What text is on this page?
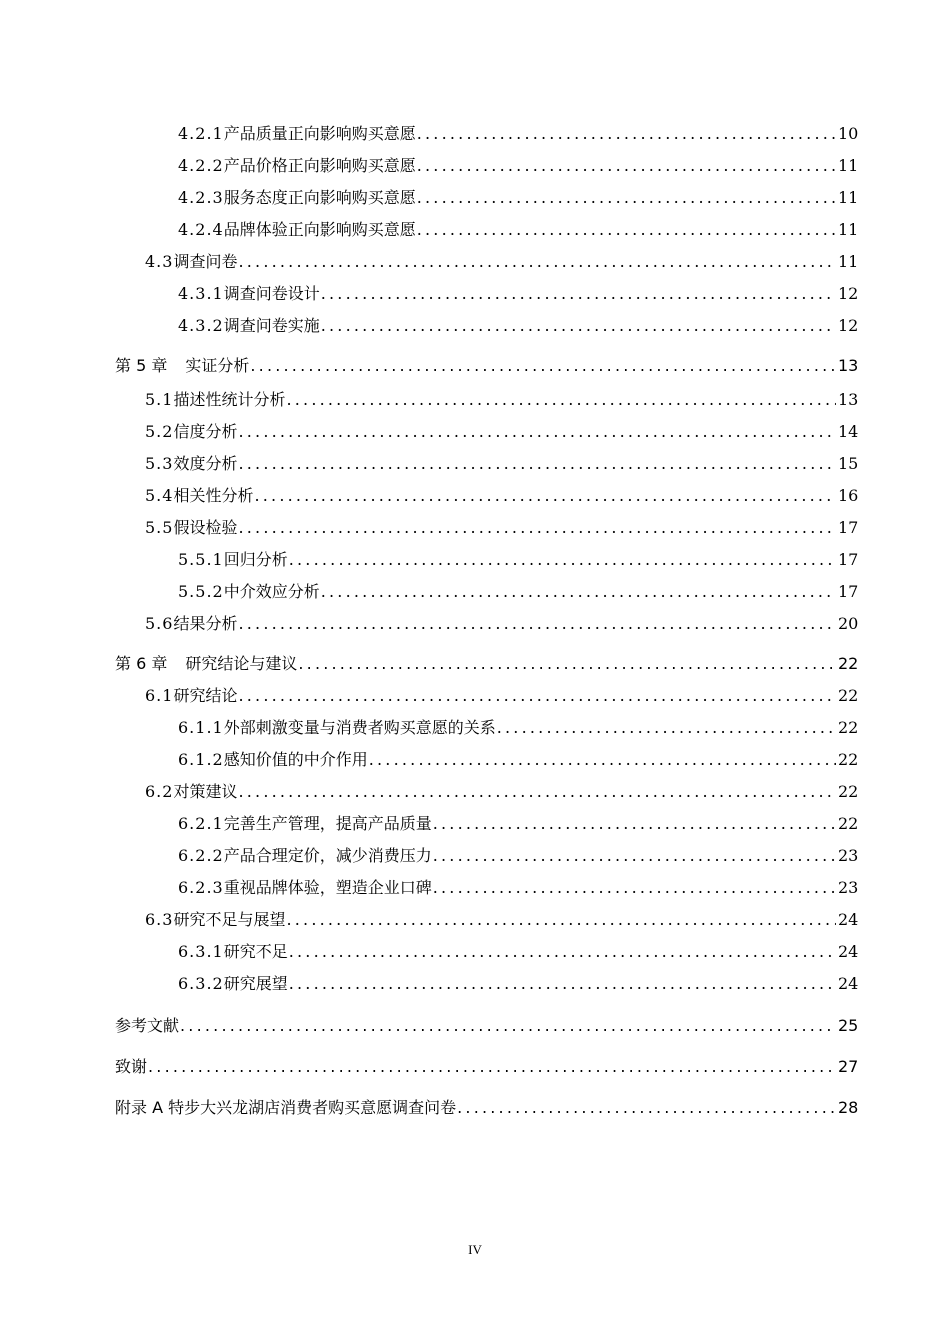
4.2.1 产品质量正向影响购买意愿 .....	10
4.2.2 产品价格正向影响购买意愿 .....	11
4.2.3 服务态度正向影响购买意愿 .....	11
4.2.4 品牌体验正向影响购买意愿 .....	11
4.3 调查问卷 .....	11
4.3.1 调查问卷设计 .....	12
4.3.2 调查问卷实施 .....	12
第 5 章 实证分析 .....	13
5.1 描述性统计分析 .....	13
5.2 信度分析 .....	14
5.3 效度分析 .....	15
5.4 相关性分析 .....	16
5.5 假设检验 .....	17
5.5.1 回归分析 .....	17
5.5.2 中介效应分析 .....	17
5.6 结果分析 .....	20
第 6 章 研究结论与建议 .....	22
6.1 研究结论 .....	22
6.1.1 外部刺激变量与消费者购买意愿的关系 .....	22
6.1.2 感知价值的中介作用 .....	22
6.2 对策建议 .....	22
6.2.1 完善生产管理，提高产品质量 .....	22
6.2.2 产品合理定价，减少消费压力 .....	23
6.2.3 重视品牌体验，塑造企业口碑 .....	23
6.3 研究不足与展望 .....	24
6.3.1 研究不足 .....	24
6.3.2 研究展望 .....	24
参考文献 .....	25
致谢 .....	27
附录 A 特步大兴龙湖店消费者购买意愿调查问卷 .....	28
IV
